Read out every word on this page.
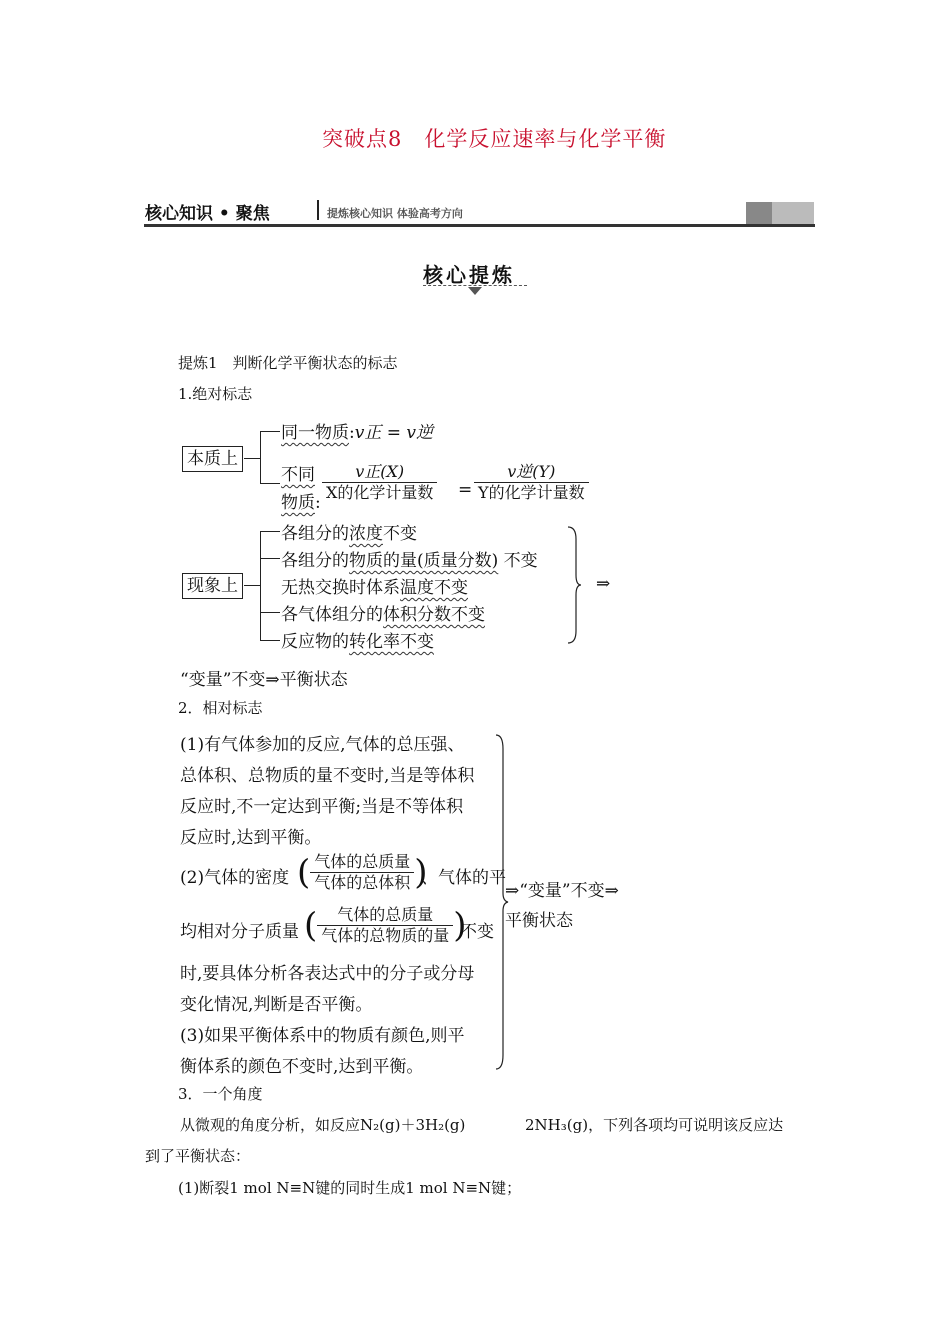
突破点8　化学反应速率与化学平衡
核心知识 • 聚焦	提炼核心知识 体验高考方向
核心提炼
提炼1　判断化学平衡状态的标志
1.绝对标志
本质上
同一物质:v正 = v逆
不同
物质: $\frac{\text{v正(X)}}{\text{X的化学计量数}} = \frac{\text{v逆(Y)}}{\text{Y的化学计量数}}$
现象上
各组分的浓度不变
各组分的物质的量(质量分数) 不变
无热交换时体系温度不变
各气体组分的体积分数不变
反应物的转化率不变
⇒
“变量”不变⇒平衡状态
2．相对标志
(1)有气体参加的反应,气体的总压强、
总体积、总物质的量不变时,当是等体积
反应时,不一定达到平衡;当是不等体积
反应时,达到平衡。
(2)气体的密度 ( $\frac{\text{气体的总质量}}{\text{气体的总体积}}$ )
、气体的平
均相对分子质量 ( $\frac{\text{气体的总质量}}{\text{气体的总物质的量}}$ )
不变
时,要具体分析各表达式中的分子或分母
变化情况,判断是否平衡。
(3)如果平衡体系中的物质有颜色,则平
衡体系的颜色不变时,达到平衡。
⇒“变量”不变⇒
平衡状态
3．一个角度
从微观的角度分析，如反应N₂(g)＋3H₂(g)	2NH₃(g)，下列各项均可说明该反应达
到了平衡状态：
(1)断裂1 mol N≡N键的同时生成1 mol N≡N键；
